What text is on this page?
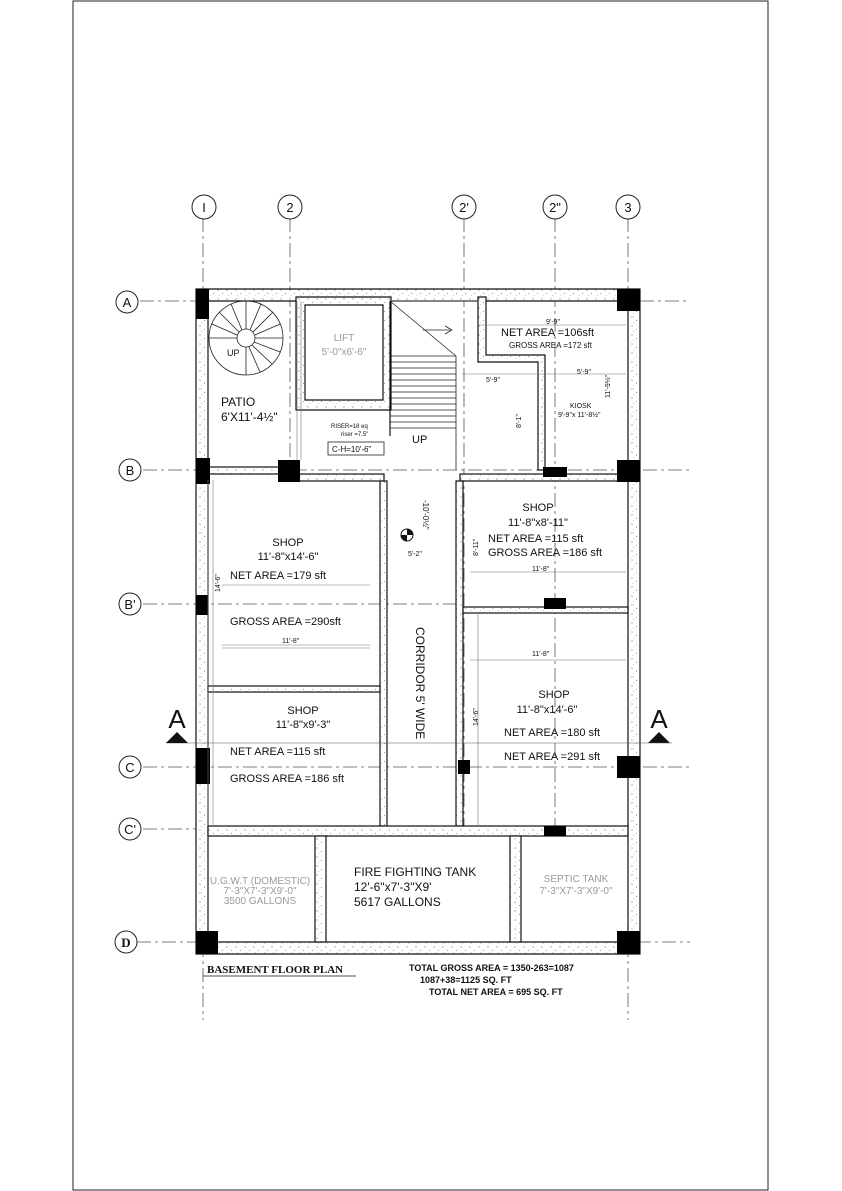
I	2	2'	2"	3
A
B
B'
C
C'
D
A	A
UP
PATIO
6'X11'-4½"
LIFT
5'-0"x6'-6"
RISER=18 eq
riser =7.5"
C-H=10'-6"
UP
9'-9"
NET AREA =106sft
GROSS AREA =172 sft
5'-9"
5'-9"
KIOSK
9'-9"x 11'-8½"
8'-1"
11'-9½"
SHOP
11'-8"x14'-6"
NET AREA =179 sft
GROSS AREA =290sft
11'-8"
14'-6"
SHOP
11'-8"x9'-3"
NET AREA =115 sft
GROSS AREA =186 sft
-10'-0½"
5'-2"
CORRIDOR 5' WIDE
SHOP
11'-8"x8'-11"
NET AREA =115 sft
GROSS AREA =186 sft
11'-8"
8'-11"
11'-8"
SHOP
11'-8"x14'-6"
NET AREA =180 sft
NET AREA =291 sft
14'-6"
U.G.W.T (DOMESTIC)
7'-3"X7'-3"X9'-0"
3500 GALLONS
FIRE FIGHTING TANK
12'-6"x7'-3"X9'
5617 GALLONS
SEPTIC TANK
7'-3"X7'-3"X9'-0"
BASEMENT FLOOR PLAN	TOTAL GROSS AREA = 1350-263=1087
1087+38=1125 SQ. FT
TOTAL NET AREA = 695 SQ. FT
